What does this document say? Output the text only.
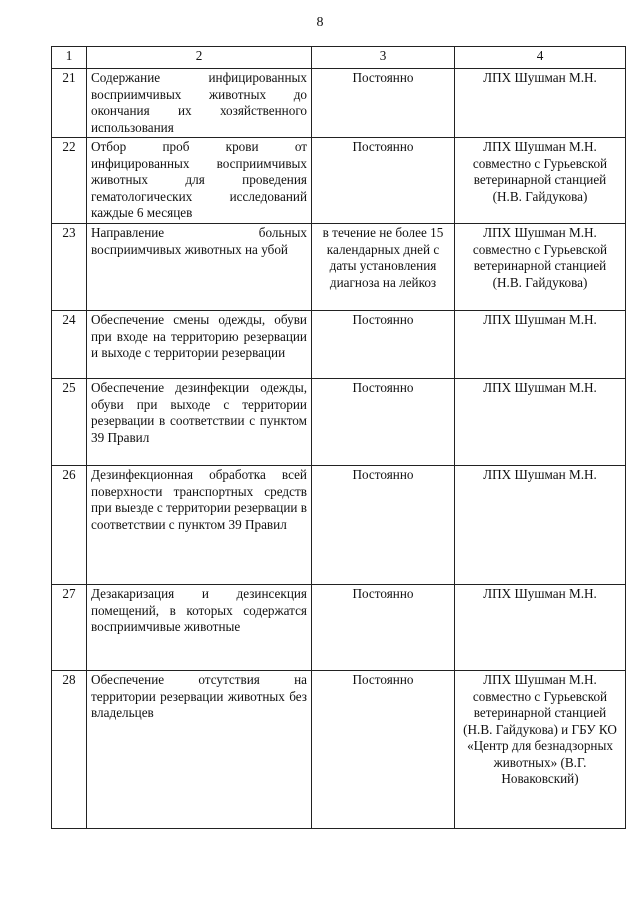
8
1	2	3	4
21	Содержание инфицированных восприимчивых животных до окончания их хозяйственного использования	Постоянно	ЛПХ Шушман М.Н.
22	Отбор проб крови от инфицированных восприимчивых животных для проведения гематологических исследований каждые 6 месяцев	Постоянно	ЛПХ Шушман М.Н. совместно с Гурьевской ветеринарной станцией (Н.В. Гайдукова)
23	Направление больных восприимчивых животных на убой	в течение не более 15 календарных дней с даты установления диагноза на лейкоз	ЛПХ Шушман М.Н. совместно с Гурьевской ветеринарной станцией (Н.В. Гайдукова)
24	Обеспечение смены одежды, обуви при входе на территорию резервации и выходе с территории резервации	Постоянно	ЛПХ Шушман М.Н.
25	Обеспечение дезинфекции одежды, обуви при выходе с территории резервации в соответствии с пунктом 39 Правил	Постоянно	ЛПХ Шушман М.Н.
26	Дезинфекционная обработка всей поверхности транспортных средств при выезде с территории резервации в соответствии с пунктом 39 Правил	Постоянно	ЛПХ Шушман М.Н.
27	Дезакаризация и дезинсекция помещений, в которых содержатся восприимчивые животные	Постоянно	ЛПХ Шушман М.Н.
28	Обеспечение отсутствия на территории резервации животных без владельцев	Постоянно	ЛПХ Шушман М.Н. совместно с Гурьевской ветеринарной станцией (Н.В. Гайдукова) и ГБУ КО «Центр для безнадзорных животных» (В.Г. Новаковский)
